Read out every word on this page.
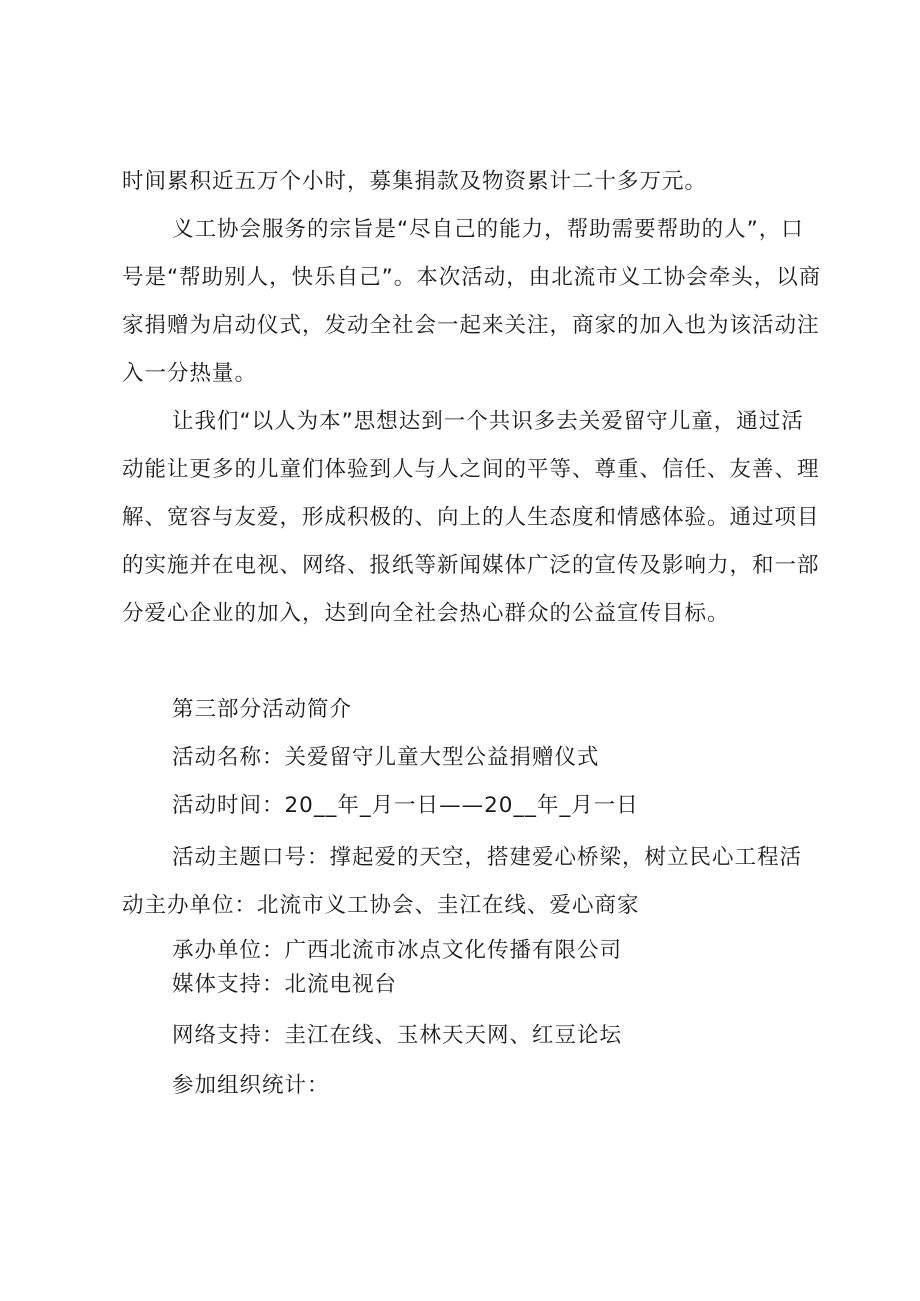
时间累积近五万个小时，募集捐款及物资累计二十多万元。

义工协会服务的宗旨是“尽自己的能力，帮助需要帮助的人”，口号是“帮助别人，快乐自己”。本次活动，由北流市义工协会牵头，以商家捐赠为启动仪式，发动全社会一起来关注，商家的加入也为该活动注入一分热量。

让我们“以人为本”思想达到一个共识多去关爱留守儿童，通过活动能让更多的儿童们体验到人与人之间的平等、尊重、信任、友善、理解、宽容与友爱，形成积极的、向上的人生态度和情感体验。通过项目的实施并在电视、网络、报纸等新闻媒体广泛的宣传及影响力，和一部分爱心企业的加入，达到向全社会热心群众的公益宣传目标。

第三部分活动简介

活动名称：关爱留守儿童大型公益捐赠仪式

活动时间：20__年_月一日——20__年_月一日

活动主题口号：撑起爱的天空，搭建爱心桥梁，树立民心工程活动主办单位：北流市义工协会、圭江在线、爱心商家

承办单位：广西北流市冰点文化传播有限公司

媒体支持：北流电视台

网络支持：圭江在线、玉林天天网、红豆论坛

参加组织统计：
